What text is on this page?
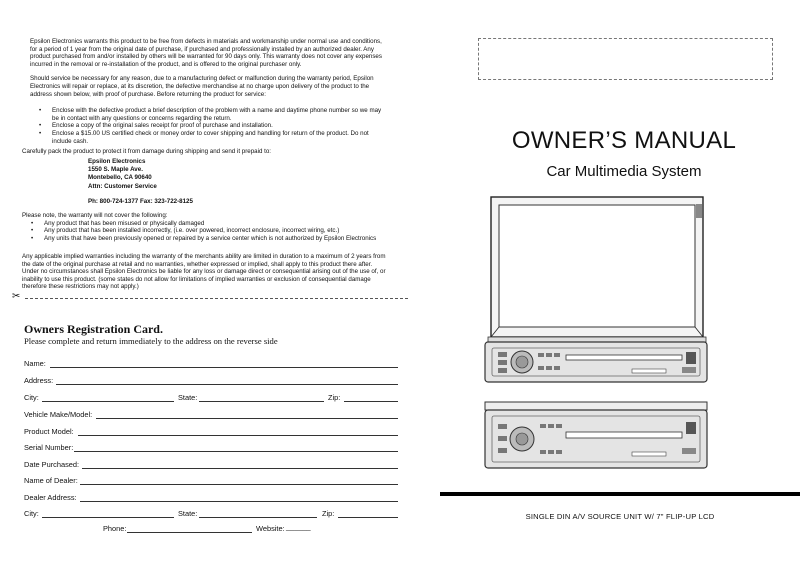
Epsilon Electronics warrants this product to be free from defects in materials and workmanship under normal use and conditions, for a period of 1 year from the original date of purchase, if purchased and professionally installed by an authorized dealer. Any product purchased from and/or installed by others will be warranted for 90 days only. This warranty does not cover any expenses incurred in the removal or re-installation of the product, and is offered to the original purchaser only.

Should service be necessary for any reason, due to a manufacturing defect or malfunction during the warranty period, Epsilon Electronics will repair or replace, at its discretion, the defective merchandise at no charge upon delivery of the product to the address shown below, with proof of purchase. Before returning the product for service:

• Enclose with the defective product a brief description of the problem with a name and daytime phone number so we may be in contact with any questions or concerns regarding the return.
• Enclose a copy of the original sales receipt for proof of purchase and installation.
• Enclose a $15.00 US certified check or money order to cover shipping and handling for return of the product. Do not include cash.
Carefully pack the product to protect it from damage during shipping and send it prepaid to:
Epsilon Electronics
1550 S. Maple Ave.
Montebello, CA 90640
Attn: Customer Service
Ph: 800-724-1377 Fax: 323-722-8125
Please note, the warranty will not cover the following:
• Any product that has been misused or physically damaged
• Any product that has been installed incorrectly, (i.e. over powered, incorrect enclosure, incorrect wiring, etc.)
• Any units that have been previously opened or repaired by a service center which is not authorized by Epsilon Electronics
Any applicable implied warranties including the warranty of the merchants ability are limited in duration to a maximum of 2 years from the date of the original purchase at retail and no warranties, whether expressed or implied, shall apply to this product there after. Under no circumstances shall Epsilon Electronics be liable for any loss or damage direct or consequential arising out of the use of, or inability to use this product. (some states do not allow for limitations of implied warranties or exclusion of consequential damage therefore these restrictions may not apply.)
✂
Owners Registration Card.
Please complete and return immediately to the address on the reverse side
Name:
Address:
City:	State:	Zip:
Vehicle Make/Model:
Product Model:
Serial Number:
Date Purchased:
Name of Dealer:
Dealer Address:
City:	State:	Zip:
Phone:	Website: ______
OWNER’S MANUAL
Car Multimedia System
SINGLE DIN A/V SOURCE UNIT W/ 7" FLIP-UP LCD
